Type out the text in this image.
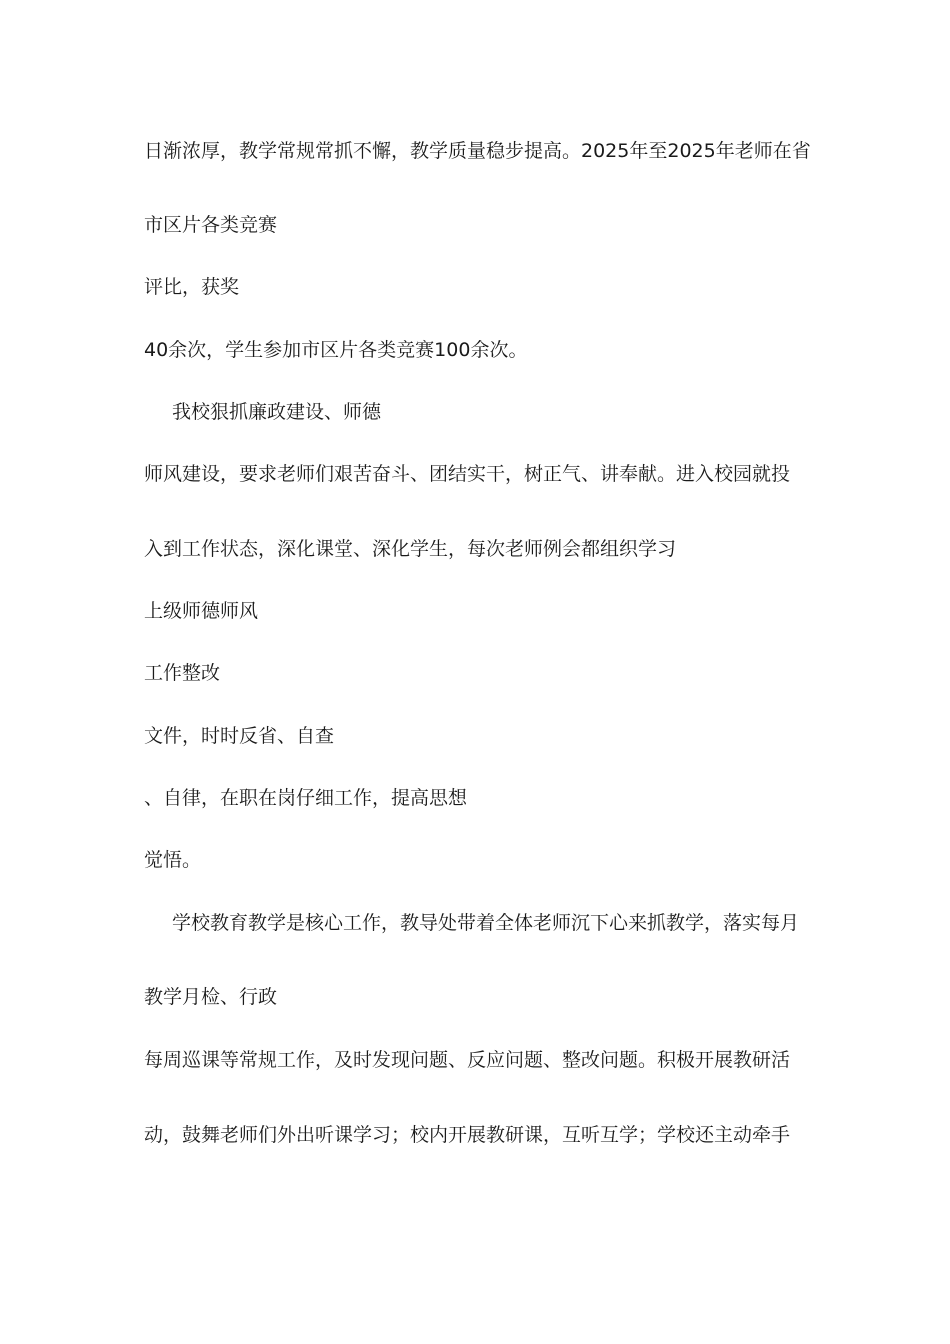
日渐浓厚，教学常规常抓不懈，教学质量稳步提高。2025年至2025年老师在省
市区片各类竞赛
评比，获奖
40余次，学生参加市区片各类竞赛100余次。
我校狠抓廉政建设、师德
师风建设，要求老师们艰苦奋斗、团结实干，树正气、讲奉献。进入校园就投
入到工作状态，深化课堂、深化学生，每次老师例会都组织学习
上级师德师风
工作整改
文件，时时反省、自查
、自律，在职在岗仔细工作，提高思想
觉悟。
学校教育教学是核心工作，教导处带着全体老师沉下心来抓教学，落实每月
教学月检、行政
每周巡课等常规工作，及时发现问题、反应问题、整改问题。积极开展教研活
动，鼓舞老师们外出听课学习；校内开展教研课，互听互学；学校还主动牵手
